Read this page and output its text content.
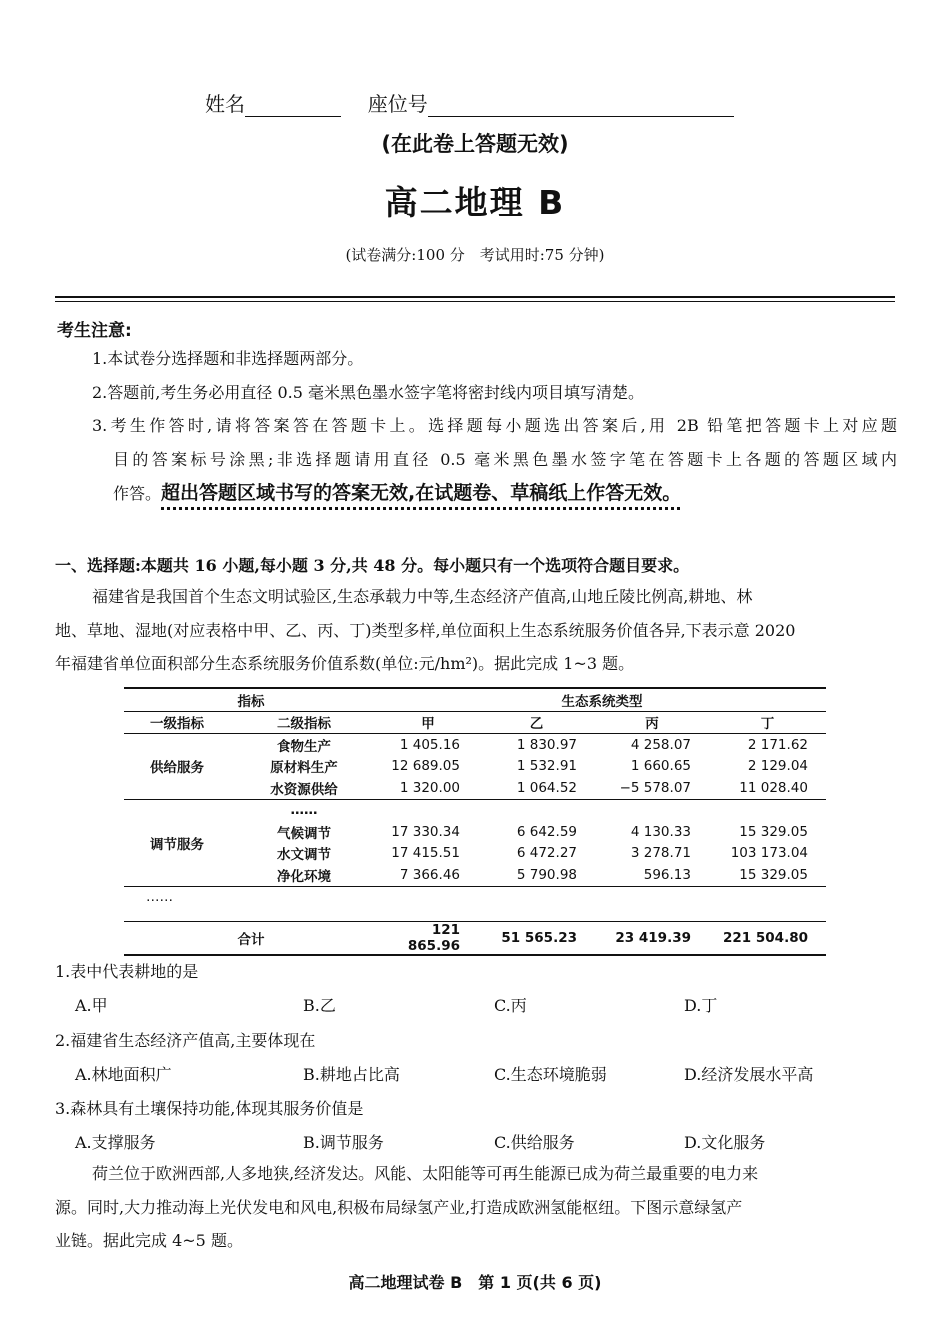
姓名	座位号
(在此卷上答题无效)
高二地理 B
(试卷满分:100 分　考试用时:75 分钟)
考生注意:
1.本试卷分选择题和非选择题两部分。
2.答题前,考生务必用直径 0.5 毫米黑色墨水签字笔将密封线内项目填写清楚。
3.考生作答时,请将答案答在答题卡上。选择题每小题选出答案后,用 2B 铅笔把答题卡上对应题
目的答案标号涂黑;非选择题请用直径 0.5 毫米黑色墨水签字笔在答题卡上各题的答题区域内
作答。超出答题区域书写的答案无效,在试题卷、草稿纸上作答无效。
一、选择题:本题共 16 小题,每小题 3 分,共 48 分。每小题只有一个选项符合题目要求。
福建省是我国首个生态文明试验区,生态承载力中等,生态经济产值高,山地丘陵比例高,耕地、林
地、草地、湿地(对应表格中甲、乙、丙、丁)类型多样,单位面积上生态系统服务价值各异,下表示意 2020
年福建省单位面积部分生态系统服务价值系数(单位:元/hm²)。据此完成 1~3 题。
指标		生态系统类型			
一级指标	二级指标	甲	乙	丙	丁
供给服务	食物生产	1 405.16	1 830.97	4 258.07	2 171.62
	原材料生产	12 689.05	1 532.91	1 660.65	2 129.04
	水资源供给	1 320.00	1 064.52	−5 578.07	11 028.40
调节服务	……				
	气候调节	17 330.34	6 642.59	4 130.33	15 329.05
	水文调节	17 415.51	6 472.27	3 278.71	103 173.04
	净化环境	7 366.46	5 790.98	596.13	15 329.05
……					

合计		121 865.96	51 565.23	23 419.39	221 504.80
1.表中代表耕地的是
A.甲	B.乙	C.丙	D.丁
2.福建省生态经济产值高,主要体现在
A.林地面积广	B.耕地占比高	C.生态环境脆弱	D.经济发展水平高
3.森林具有土壤保持功能,体现其服务价值是
A.支撑服务	B.调节服务	C.供给服务	D.文化服务
荷兰位于欧洲西部,人多地狭,经济发达。风能、太阳能等可再生能源已成为荷兰最重要的电力来
源。同时,大力推动海上光伏发电和风电,积极布局绿氢产业,打造成欧洲氢能枢纽。下图示意绿氢产
业链。据此完成 4~5 题。
高二地理试卷 B　第 1 页(共 6 页)
